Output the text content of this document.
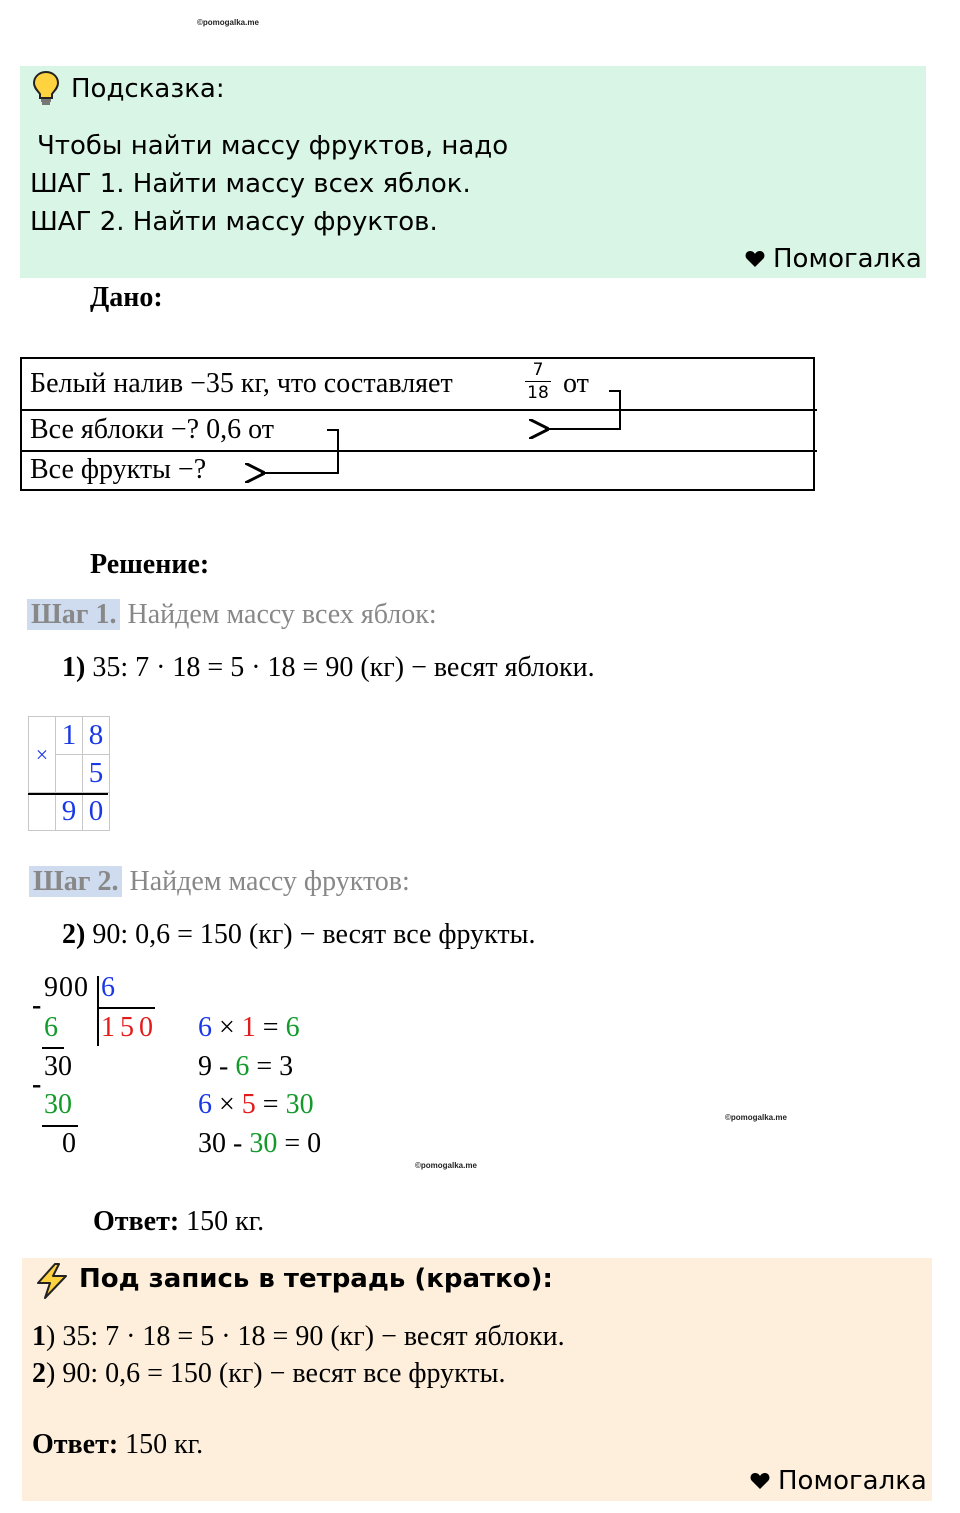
©pomogalka.me
©pomogalka.me
©pomogalka.me
Подсказка:
Чтобы найти массу фруктов, надо
ШАГ 1. Найти массу всех яблок.
ШАГ 2. Найти массу фруктов.
Помогалка
Дано:
Белый налив −35 кг, что составляет	7
18 от
Все яблоки −? 0,6 от
Все фрукты −?
Решение:
Шаг 1. Найдем массу всех яблок:
1) 35: 7 · 18 = 5 · 18 = 90 (кг) − весят яблоки.
×	1	8
		5
	9	0
Шаг 2. Найдем массу фруктов:
2) 90: 0,6 = 150 (кг) − весят все фрукты.
900 6
1 5 0
-
6
30
-
30
0
6 × 1 = 6
9 - 6 = 3
6 × 5 = 30
30 - 30 = 0
Ответ: 150 кг.
Под запись в тетрадь (кратко):
1) 35: 7 · 18 = 5 · 18 = 90 (кг) − весят яблоки.
2) 90: 0,6 = 150 (кг) − весят все фрукты.
Ответ: 150 кг.
Помогалка
